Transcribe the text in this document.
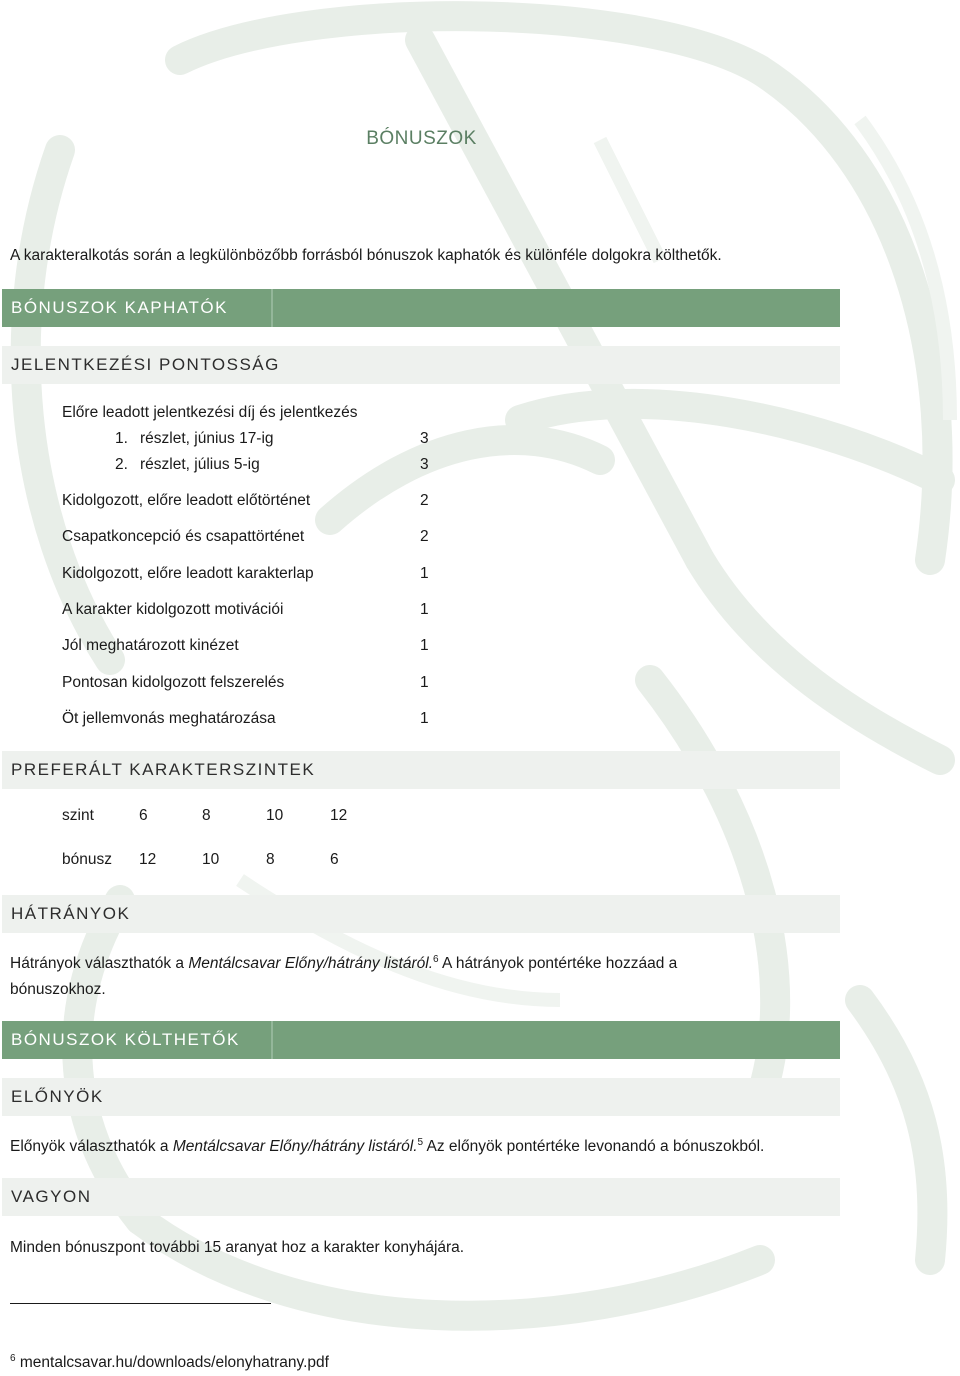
BÓNUSZOK
A karakteralkotás során a legkülönbözőbb forrásból bónuszok kaphatók és különféle dolgokra költhetők.
BÓNUSZOK KAPHATÓK
JELENTKEZÉSI PONTOSSÁG
Előre leadott jelentkezési díj és jelentkezés
1. részlet, június 17-ig	3
2. részlet, július 5-ig	3
Kidolgozott, előre leadott előtörténet	2
Csapatkoncepció és csapattörténet	2
Kidolgozott, előre leadott karakterlap	1
A karakter kidolgozott motivációi	1
Jól meghatározott kinézet	1
Pontosan kidolgozott felszerelés	1
Öt jellemvonás meghatározása	1
PREFERÁLT KARAKTERSZINTEK
szint	6	8	10	12
bónusz 12	10	8	6
HÁTRÁNYOK
Hátrányok választhatók a Mentálcsavar Előny/hátrány listáról.$^6$ A hátrányok pontértéke hozzáad a
bónuszokhoz.
BÓNUSZOK KÖLTHETŐK
ELŐNYÖK
Előnyök választhatók a Mentálcsavar Előny/hátrány listáról.$^5$ Az előnyök pontértéke levonandó a bónuszokból.
VAGYON
Minden bónuszpont további 15 aranyat hoz a karakter konyhájára.
$^6$ mentalcsavar.hu/downloads/elonyhatrany.pdf
